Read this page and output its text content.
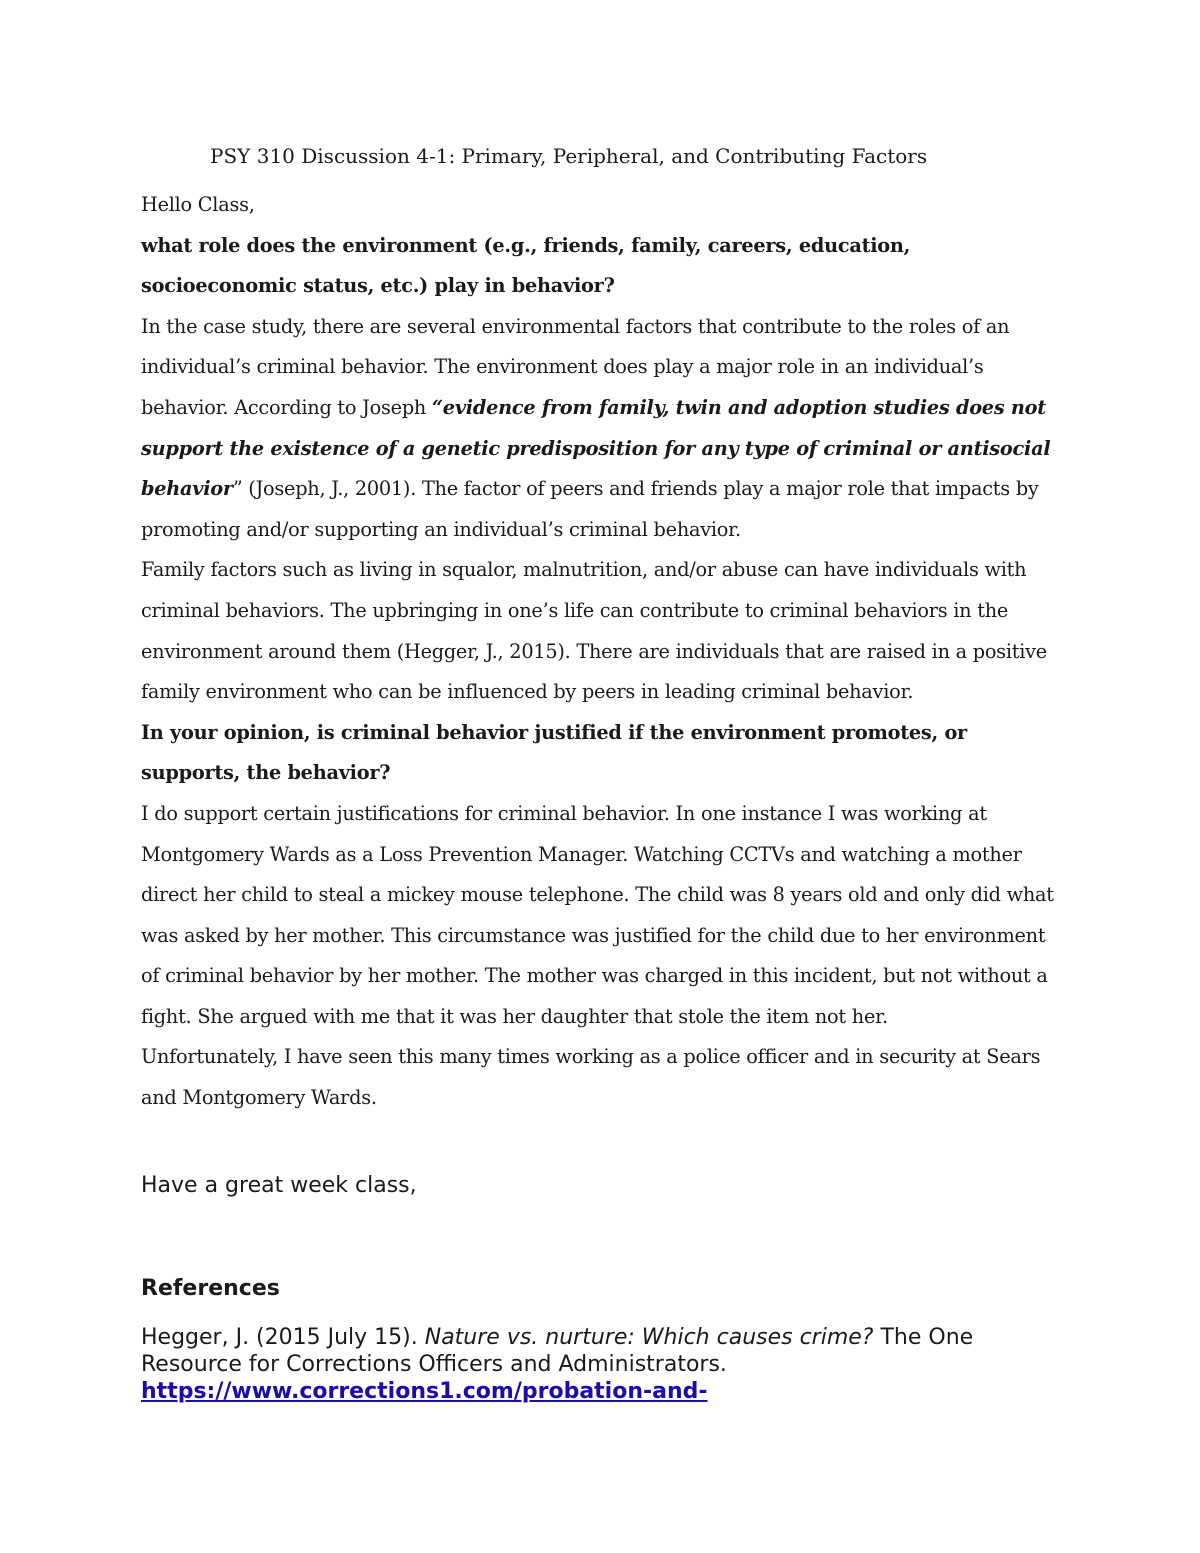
PSY 310 Discussion 4-1: Primary, Peripheral, and Contributing Factors

Hello Class,

what role does the environment (e.g., friends, family, careers, education, socioeconomic status, etc.) play in behavior?

In the case study, there are several environmental factors that contribute to the roles of an individual’s criminal behavior. The environment does play a major role in an individual’s behavior. According to Joseph “evidence from family, twin and adoption studies does not support the existence of a genetic predisposition for any type of criminal or antisocial behavior” (Joseph, J., 2001). The factor of peers and friends play a major role that impacts by promoting and/or supporting an individual’s criminal behavior.

Family factors such as living in squalor, malnutrition, and/or abuse can have individuals with criminal behaviors. The upbringing in one’s life can contribute to criminal behaviors in the environment around them (Hegger, J., 2015). There are individuals that are raised in a positive family environment who can be influenced by peers in leading criminal behavior.

In your opinion, is criminal behavior justified if the environment promotes, or supports, the behavior?

I do support certain justifications for criminal behavior. In one instance I was working at Montgomery Wards as a Loss Prevention Manager. Watching CCTVs and watching a mother direct her child to steal a mickey mouse telephone. The child was 8 years old and only did what was asked by her mother. This circumstance was justified for the child due to her environment of criminal behavior by her mother. The mother was charged in this incident, but not without a fight. She argued with me that it was her daughter that stole the item not her.

Unfortunately, I have seen this many times working as a police officer and in security at Sears and Montgomery Wards.

Have a great week class,
References
Hegger, J. (2015 July 15). Nature vs. nurture: Which causes crime? The One Resource for Corrections Officers and Administrators. https://www.corrections1.com/probation-and-
